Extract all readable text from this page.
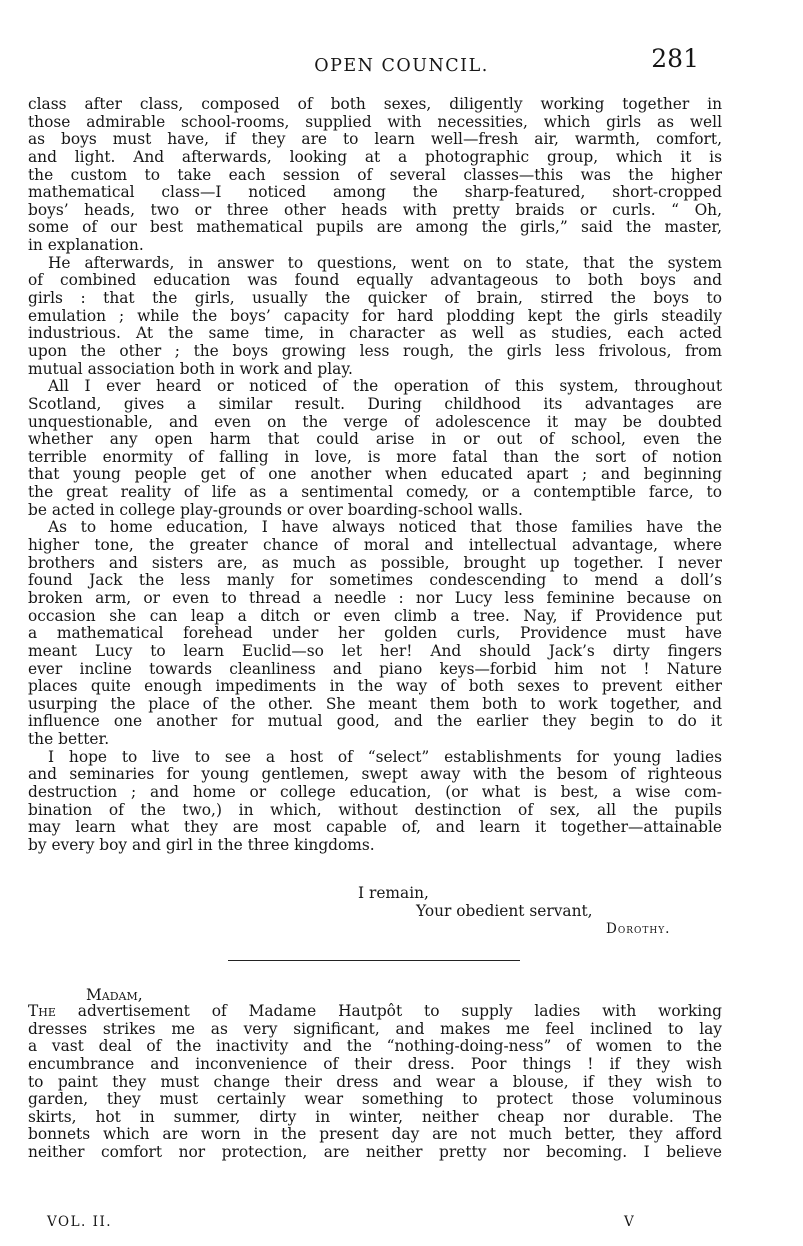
OPEN COUNCIL.	281
class after class, composed of both sexes, diligently working together in
those admirable school-rooms, supplied with necessities, which girls as well
as boys must have, if they are to learn well—fresh air, warmth, comfort,
and light. And afterwards, looking at a photographic group, which it is
the custom to take each session of several classes—this was the higher
mathematical class—I noticed among the sharp-featured, short-cropped
boys’ heads, two or three other heads with pretty braids or curls. “ Oh,
some of our best mathematical pupils are among the girls,” said the master,
in explanation.
He afterwards, in answer to questions, went on to state, that the system
of combined education was found equally advantageous to both boys and
girls : that the girls, usually the quicker of brain, stirred the boys to
emulation ; while the boys’ capacity for hard plodding kept the girls steadily
industrious. At the same time, in character as well as studies, each acted
upon the other ; the boys growing less rough, the girls less frivolous, from
mutual association both in work and play.
All I ever heard or noticed of the operation of this system, throughout
Scotland, gives a similar result. During childhood its advantages are
unquestionable, and even on the verge of adolescence it may be doubted
whether any open harm that could arise in or out of school, even the
terrible enormity of falling in love, is more fatal than the sort of notion
that young people get of one another when educated apart ; and beginning
the great reality of life as a sentimental comedy, or a contemptible farce, to
be acted in college play-grounds or over boarding-school walls.
As to home education, I have always noticed that those families have the
higher tone, the greater chance of moral and intellectual advantage, where
brothers and sisters are, as much as possible, brought up together. I never
found Jack the less manly for sometimes condescending to mend a doll’s
broken arm, or even to thread a needle : nor Lucy less feminine because on
occasion she can leap a ditch or even climb a tree. Nay, if Providence put
a mathematical forehead under her golden curls, Providence must have
meant Lucy to learn Euclid—so let her! And should Jack’s dirty fingers
ever incline towards cleanliness and piano keys—forbid him not ! Nature
places quite enough impediments in the way of both sexes to prevent either
usurping the place of the other. She meant them both to work together, and
influence one another for mutual good, and the earlier they begin to do it
the better.
I hope to live to see a host of “select” establishments for young ladies
and seminaries for young gentlemen, swept away with the besom of righteous
destruction ; and home or college education, (or what is best, a wise com-
bination of the two,) in which, without destinction of sex, all the pupils
may learn what they are most capable of, and learn it together—attainable
by every boy and girl in the three kingdoms.
I remain,
Your obedient servant,
Dorothy.
Madam,
The advertisement of Madame Hautpôt to supply ladies with working
dresses strikes me as very significant, and makes me feel inclined to lay
a vast deal of the inactivity and the “nothing-doing-ness” of women to the
encumbrance and inconvenience of their dress. Poor things ! if they wish
to paint they must change their dress and wear a blouse, if they wish to
garden, they must certainly wear something to protect those voluminous
skirts, hot in summer, dirty in winter, neither cheap nor durable. The
bonnets which are worn in the present day are not much better, they afford
neither comfort nor protection, are neither pretty nor becoming. I believe
VOL. II.	V
